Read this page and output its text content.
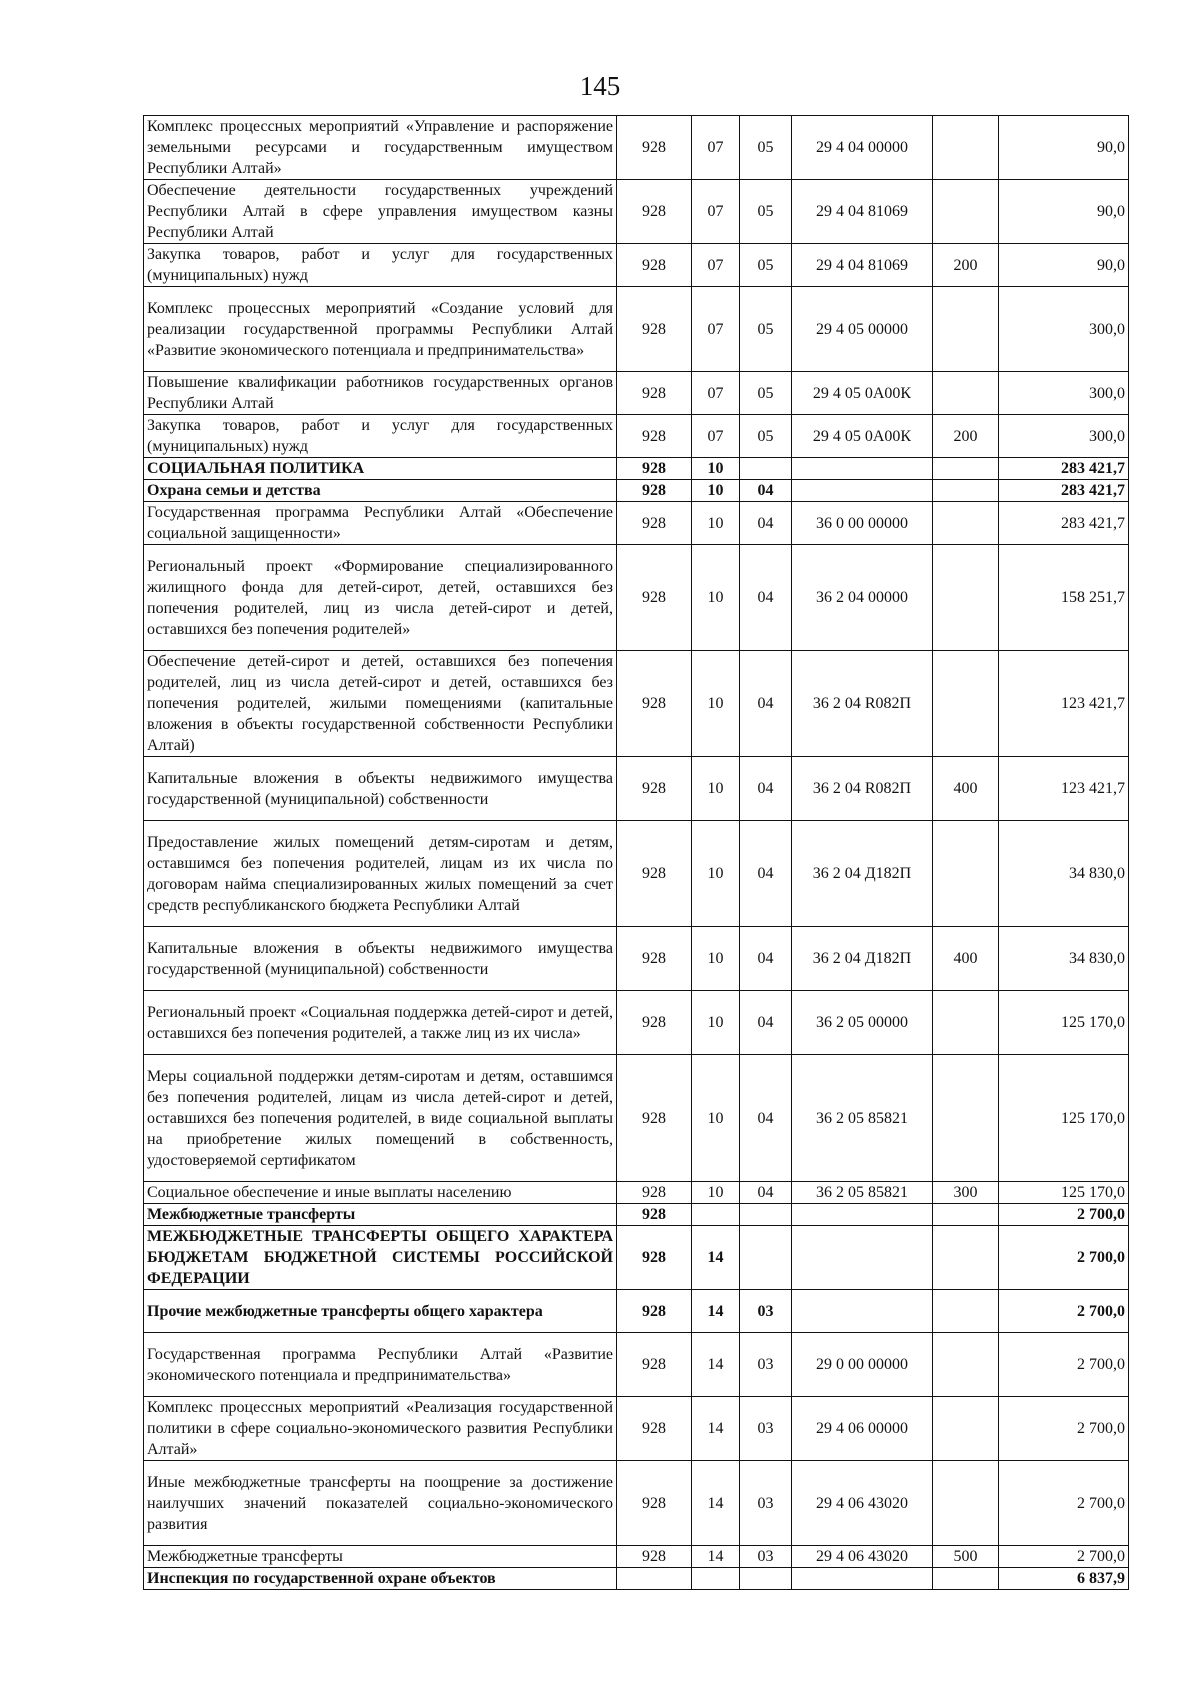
145
Комплекс процессных мероприятий «Управление и распоряжение земельными ресурсами и государственным имуществом Республики Алтай»	928	07	05	29 4 04 00000		90,0
Обеспечение деятельности государственных учреждений Республики Алтай в сфере управления имуществом казны Республики Алтай	928	07	05	29 4 04 81069		90,0
Закупка товаров, работ и услуг для государственных (муниципальных) нужд	928	07	05	29 4 04 81069	200	90,0
Комплекс процессных мероприятий «Создание условий для реализации государственной программы Республики Алтай «Развитие экономического потенциала и предпринимательства»	928	07	05	29 4 05 00000		300,0
Повышение квалификации работников государственных органов Республики Алтай	928	07	05	29 4 05 0А00К		300,0
Закупка товаров, работ и услуг для государственных (муниципальных) нужд	928	07	05	29 4 05 0А00К	200	300,0
СОЦИАЛЬНАЯ ПОЛИТИКА	928	10				283 421,7
Охрана семьи и детства	928	10	04			283 421,7
Государственная программа Республики Алтай «Обеспечение социальной защищенности»	928	10	04	36 0 00 00000		283 421,7
Региональный проект «Формирование специализированного жилищного фонда для детей-сирот, детей, оставшихся без попечения родителей, лиц из числа детей-сирот и детей, оставшихся без попечения родителей»	928	10	04	36 2 04 00000		158 251,7
Обеспечение детей-сирот и детей, оставшихся без попечения родителей, лиц из числа детей-сирот и детей, оставшихся без попечения родителей, жилыми помещениями (капитальные вложения в объекты государственной собственности Республики Алтай)	928	10	04	36 2 04 R082П		123 421,7
Капитальные вложения в объекты недвижимого имущества государственной (муниципальной) собственности	928	10	04	36 2 04 R082П	400	123 421,7
Предоставление жилых помещений детям-сиротам и детям, оставшимся без попечения родителей, лицам из их числа по договорам найма специализированных жилых помещений за счет средств республиканского бюджета Республики Алтай	928	10	04	36 2 04 Д182П		34 830,0
Капитальные вложения в объекты недвижимого имущества государственной (муниципальной) собственности	928	10	04	36 2 04 Д182П	400	34 830,0
Региональный проект «Социальная поддержка детей-сирот и детей, оставшихся без попечения родителей, а также лиц из их числа»	928	10	04	36 2 05 00000		125 170,0
Меры социальной поддержки детям-сиротам и детям, оставшимся без попечения родителей, лицам из числа детей-сирот и детей, оставшихся без попечения родителей, в виде социальной выплаты на приобретение жилых помещений в собственность, удостоверяемой сертификатом	928	10	04	36 2 05 85821		125 170,0
Социальное обеспечение и иные выплаты населению	928	10	04	36 2 05 85821	300	125 170,0
Межбюджетные трансферты	928					2 700,0
МЕЖБЮДЖЕТНЫЕ ТРАНСФЕРТЫ ОБЩЕГО ХАРАКТЕРА БЮДЖЕТАМ БЮДЖЕТНОЙ СИСТЕМЫ РОССИЙСКОЙ ФЕДЕРАЦИИ	928	14				2 700,0
Прочие межбюджетные трансферты общего характера	928	14	03			2 700,0
Государственная программа Республики Алтай «Развитие экономического потенциала и предпринимательства»	928	14	03	29 0 00 00000		2 700,0
Комплекс процессных мероприятий «Реализация государственной политики в сфере социально-экономического развития Республики Алтай»	928	14	03	29 4 06 00000		2 700,0
Иные межбюджетные трансферты на поощрение за достижение наилучших значений показателей социально-экономического развития	928	14	03	29 4 06 43020		2 700,0
Межбюджетные трансферты	928	14	03	29 4 06 43020	500	2 700,0
Инспекция по государственной охране объектов						6 837,9
